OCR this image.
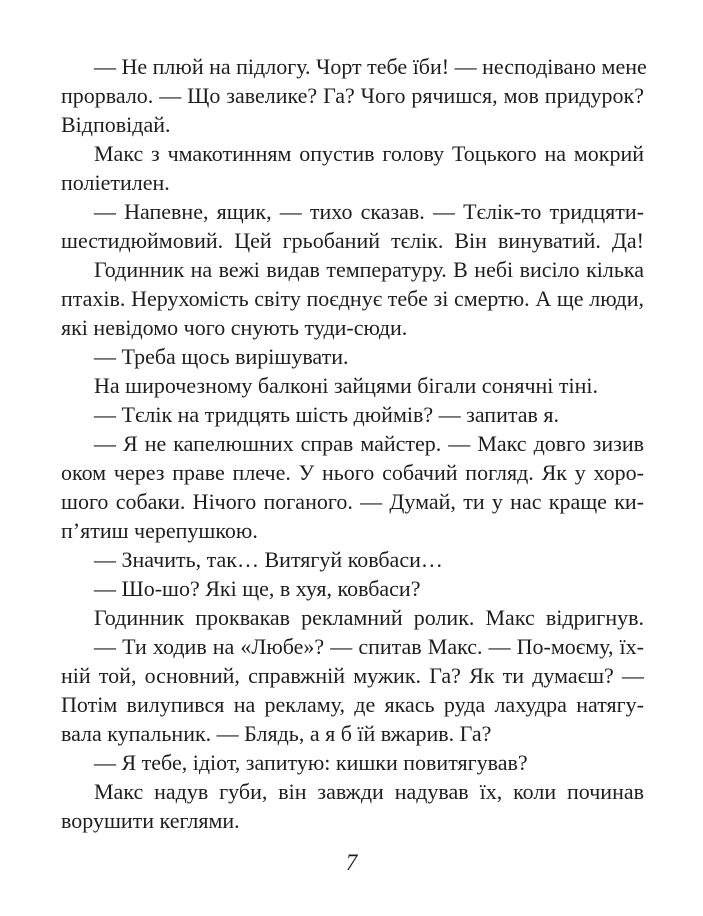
— Не плюй на підлогу. Чорт тебе їби! — несподівано мене
прорвало. — Що завелике? Га? Чого рячишся, мов придурок?
Відповідай.
Макс з чмакотинням опустив голову Тоцького на мокрий
поліетилен.
— Напевне, ящик, — тихо сказав. — Тєлік-то тридцяти-
шестидюймовий. Цей грьобаний тєлік. Він винуватий. Да!
Годинник на вежі видав температуру. В небі висіло кілька
птахів. Нерухомість світу поєднує тебе зі смертю. А ще люди,
які невідомо чого снують туди-сюди.
— Треба щось вирішувати.
На широчезному балконі зайцями бігали сонячні тіні.
— Тєлік на тридцять шість дюймів? — запитав я.
— Я не капелюшних справ майстер. — Макс довго зизив
оком через праве плече. У нього собачий погляд. Як у хоро-
шого собаки. Нічого поганого. — Думай, ти у нас краще ки-
п’ятиш черепушкою.
— Значить, так… Витягуй ковбаси…
— Шо-шо? Які ще, в хуя, ковбаси?
Годинник проквакав рекламний ролик. Макс відригнув.
— Ти ходив на «Любе»? — спитав Макс. — По-моєму, їх-
ній той, основний, справжній мужик. Га? Як ти думаєш? —
Потім вилупився на рекламу, де якась руда лахудра натягу-
вала купальник. — Блядь, а я б їй вжарив. Га?
— Я тебе, ідіот, запитую: кишки повитягував?
Макс надув губи, він завжди надував їх, коли починав
ворушити кеглями.
7
